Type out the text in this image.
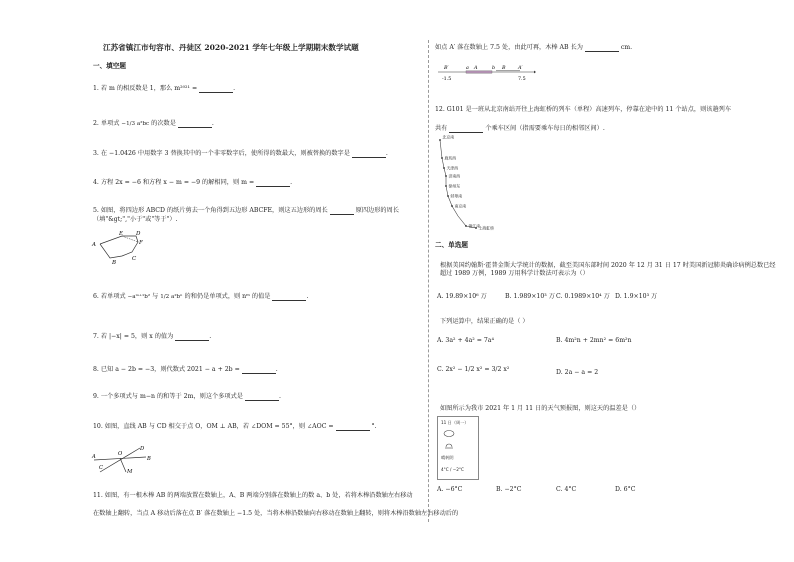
江苏省镇江市句容市、丹徒区 2020-2021 学年七年级上学期期末数学试题
一、填空题
1. 若 m 的相反数是 1，那么 m²⁰²¹ =	.
2. 单项式 −1/3 a²bc 的次数是	.
3. 在 −1.0426 中用数字 3 替换其中的一个非零数字后，使所得的数最大，则被替换的数字是	.
4. 方程 2x = −6 和方程 x − m = −9 的解相同，则 m =	.
5. 如图，将四边形 ABCD 的纸片剪去一个角得到五边形 ABCFE，则这五边形的周长	原四边形的周长
（填"&gt;","小于"或"等于"）.
A
E D
F
B
C
6. 若单项式 −aᵐ⁺¹b² 与 1/2 a²bⁿ 的和仍是单项式，则 nᵐ 的值是	.
7. 若 |−x| = 5，则 x 的值为	.
8. 已知 a − 2b = −3，则代数式 2021 − a + 2b =	.
9. 一个多项式与 m−n 的和等于 2m，则这个多项式是	.
10. 如图，直线 AB 与 CD 相交于点 O，OM ⊥ AB，若 ∠DOM = 55°，则 ∠AOC =	°.
A
C
O
B
D
M
11. 如图，有一根木棒 AB 的两端放置在数轴上，A、B 两端分别落在数轴上的数 a、b 处，若将木棒沿数轴左右移动
在数轴上翻转，当点 A 移动后落在点 B′ 落在数轴上 −1.5 处，当将木棒沿数轴向右移动在数轴上翻转，则将木棒沿数轴左右移动后的
如点 A′ 落在数轴上 7.5 处，由此可再，木棒 AB 长为	cm.
B′	a A	b	A′
B
-1.5	7.5
12. G101 是一班从北京南站开往上海虹桥的列车（单程）高速列车，停靠在途中的 11 个站点，则该趟列车
共有	个乘车区间（指需要乘车每日的相邻区间）.
北京南
廊坊西
天津西
济南西
徐州东
蚌埠南
南京南
镇江南
上海虹桥
二、单选题
根据美国约翰斯·霍普金斯大学统计的数据，截至美国东部时间 2020 年 12 月 31 日 17 时美国新冠肺炎确诊病例总数已经超过 1989 万例，1989 万用科学计数法可表示为（）
A. 19.89×10⁶ 万	B. 1.989×10³ 万 C. 0.1989×10⁴ 万 D. 1.9×10³ 万
下列运算中，结果正确的是（ ）
A. 3a² + 4a² = 7a⁴	B. 4m²n + 2mn² = 6m²n
C. 2x² − 1/2 x² = 3/2 x²	D. 2a − a = 2
如图所示为我市 2021 年 1 月 11 日的天气预报图，则这天的温差是（）
11 日（周一）
晴转阴
4°C / −2°C
A. −6°C	B. −2°C	C. 4°C	D. 6°C
